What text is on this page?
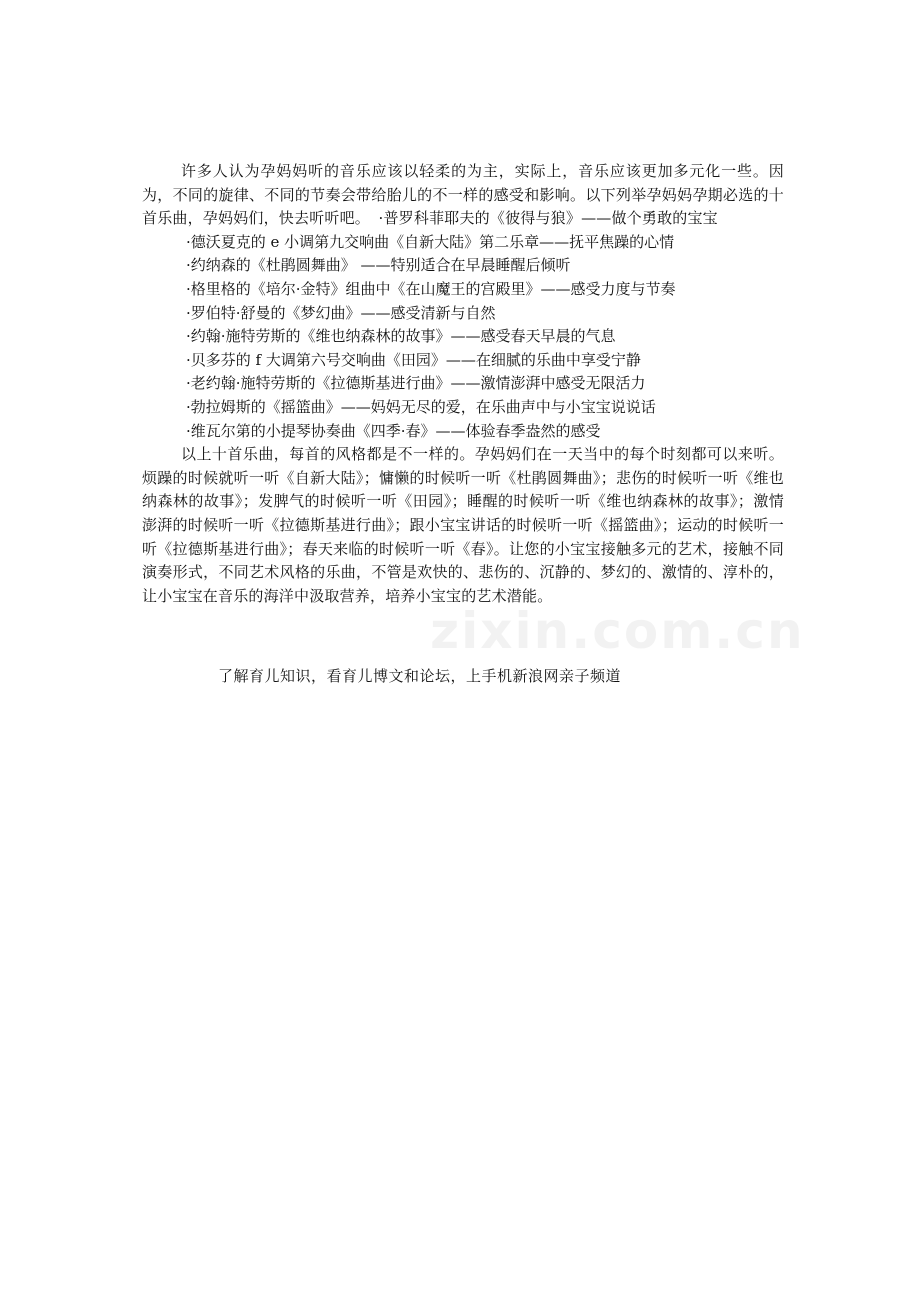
许多人认为孕妈妈听的音乐应该以轻柔的为主，实际上，音乐应该更加多元化一些。因为，不同的旋律、不同的节奏会带给胎儿的不一样的感受和影响。以下列举孕妈妈孕期必选的十首乐曲，孕妈妈们，快去听听吧。 ·普罗科菲耶夫的《彼得与狼》——做个勇敢的宝宝

·德沃夏克的 e 小调第九交响曲《自新大陆》第二乐章——抚平焦躁的心情
·约纳森的《杜鹃圆舞曲》 ——特别适合在早晨睡醒后倾听
·格里格的《培尔·金特》组曲中《在山魔王的宫殿里》——感受力度与节奏
·罗伯特·舒曼的《梦幻曲》——感受清新与自然
·约翰·施特劳斯的《维也纳森林的故事》——感受春天早晨的气息
·贝多芬的 f 大调第六号交响曲《田园》——在细腻的乐曲中享受宁静
·老约翰·施特劳斯的《拉德斯基进行曲》——激情澎湃中感受无限活力
·勃拉姆斯的《摇篮曲》——妈妈无尽的爱，在乐曲声中与小宝宝说说话
·维瓦尔第的小提琴协奏曲《四季·春》——体验春季盎然的感受

以上十首乐曲，每首的风格都是不一样的。孕妈妈们在一天当中的每个时刻都可以来听。烦躁的时候就听一听《自新大陆》；慵懒的时候听一听《杜鹃圆舞曲》；悲伤的时候听一听《维也纳森林的故事》；发脾气的时候听一听《田园》；睡醒的时候听一听《维也纳森林的故事》；激情澎湃的时候听一听《拉德斯基进行曲》；跟小宝宝讲话的时候听一听《摇篮曲》；运动的时候听一听《拉德斯基进行曲》；春天来临的时候听一听《春》。让您的小宝宝接触多元的艺术，接触不同演奏形式，不同艺术风格的乐曲，不管是欢快的、悲伤的、沉静的、梦幻的、激情的、淳朴的，让小宝宝在音乐的海洋中汲取营养，培养小宝宝的艺术潜能。

zixin.com.cn
了解育儿知识，看育儿博文和论坛，上手机新浪网亲子频道
